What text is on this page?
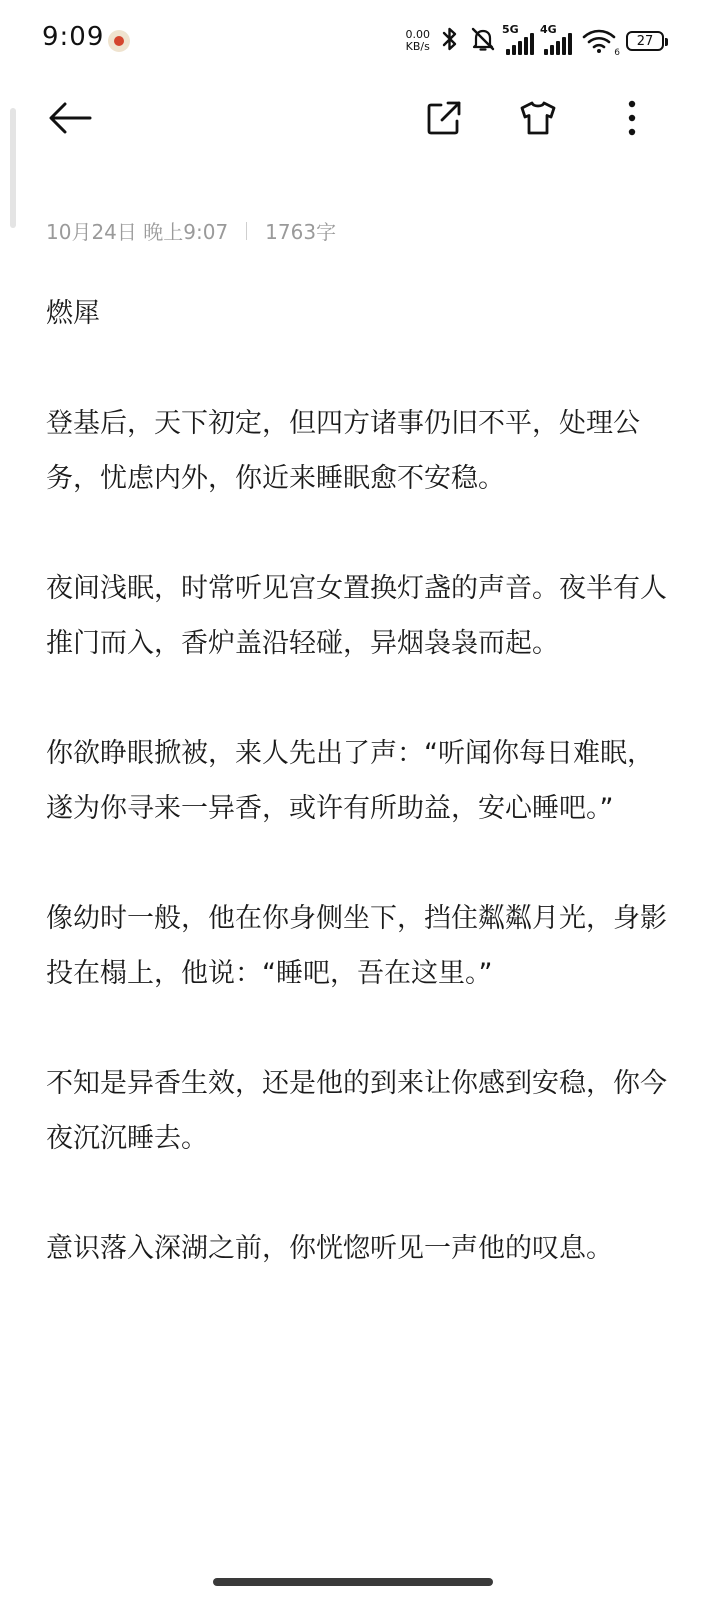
9:09	0.00
KB/s
5G 4G
6
27
10月24日 晚上9:07 1763字

燃犀

登基后，天下初定，但四方诸事仍旧不平，处理公务，忧虑内外，你近来睡眠愈不安稳。

夜间浅眠，时常听见宫女置换灯盏的声音。夜半有人推门而入，香炉盖沿轻碰，异烟袅袅而起。

你欲睁眼掀被，来人先出了声：“听闻你每日难眠，遂为你寻来一异香，或许有所助益，安心睡吧。”

像幼时一般，他在你身侧坐下，挡住粼粼月光，身影投在榻上，他说：“睡吧，吾在这里。”

不知是异香生效，还是他的到来让你感到安稳，你今夜沉沉睡去。

意识落入深湖之前，你恍惚听见一声他的叹息。
